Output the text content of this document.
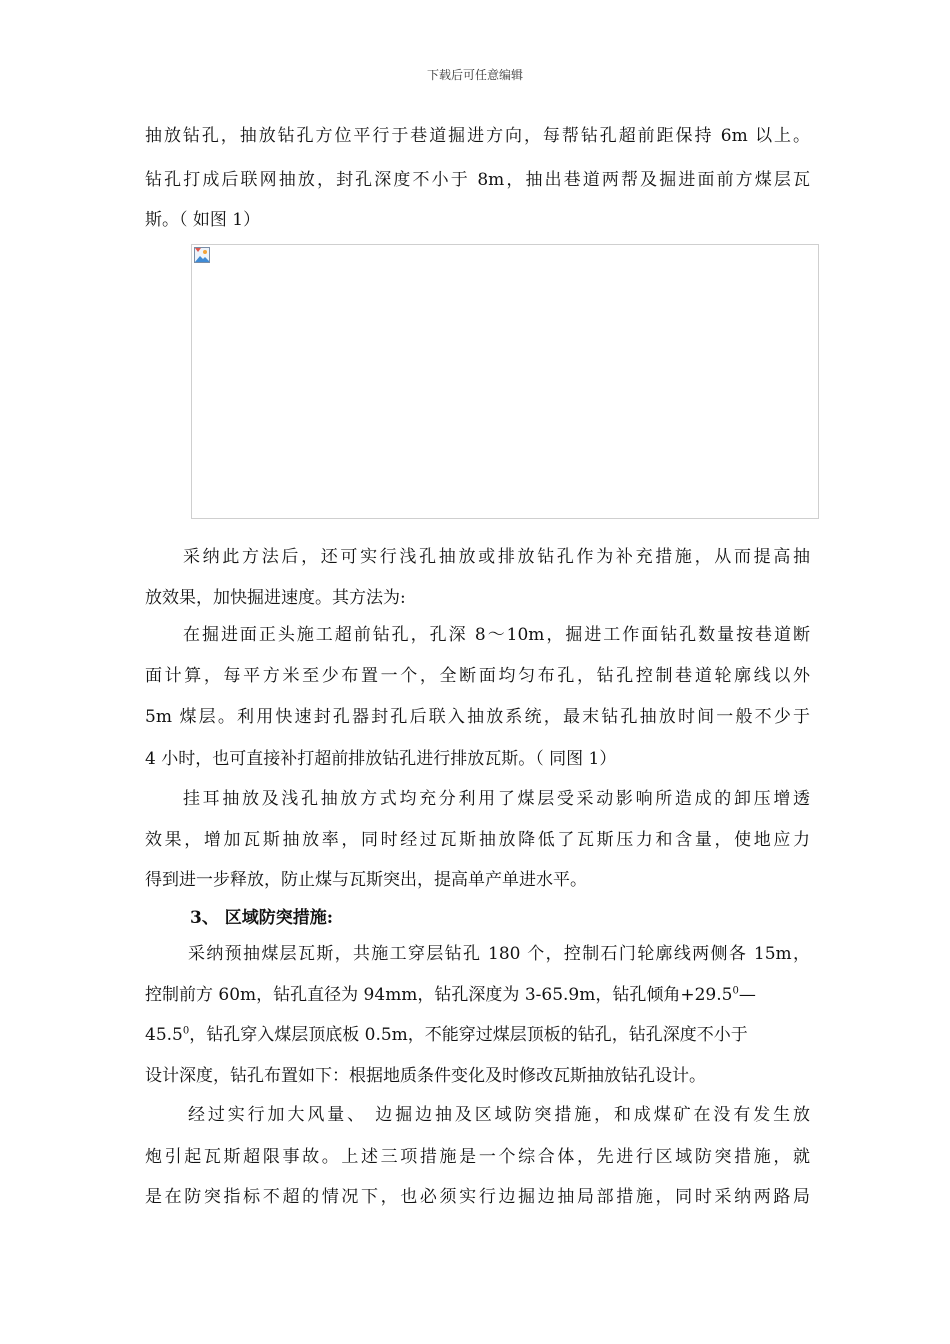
下载后可任意编辑
抽放钻孔，抽放钻孔方位平行于巷道掘进方向，每帮钻孔超前距保持 6m 以上。
钻孔打成后联网抽放，封孔深度不小于 8m，抽出巷道两帮及掘进面前方煤层瓦
斯。（ 如图 1）
采纳此方法后，还可实行浅孔抽放或排放钻孔作为补充措施，从而提高抽
放效果，加快掘进速度。其方法为:
在掘进面正头施工超前钻孔，孔深 8～10m，掘进工作面钻孔数量按巷道断
面计算，每平方米至少布置一个，全断面均匀布孔，钻孔控制巷道轮廓线以外
5m 煤层。利用快速封孔器封孔后联入抽放系统，最末钻孔抽放时间一般不少于
4 小时，也可直接补打超前排放钻孔进行排放瓦斯。（ 同图 1）
挂耳抽放及浅孔抽放方式均充分利用了煤层受采动影响所造成的卸压增透
效果，增加瓦斯抽放率，同时经过瓦斯抽放降低了瓦斯压力和含量，使地应力
得到进一步释放，防止煤与瓦斯突出，提高单产单进水平。
3、 区域防突措施:
采纳预抽煤层瓦斯，共施工穿层钻孔 180 个，控制石门轮廓线两侧各 15m，
控制前方 60m，钻孔直径为 94mm，钻孔深度为 3-65.9m，钻孔倾角$+29.5^0—$
45.5$^0$，钻孔穿入煤层顶底板 0.5m，不能穿过煤层顶板的钻孔，钻孔深度不小于
设计深度，钻孔布置如下：根据地质条件变化及时修改瓦斯抽放钻孔设计。
经过实行加大风量、 边掘边抽及区域防突措施，和成煤矿在没有发生放
炮引起瓦斯超限事故。上述三项措施是一个综合体，先进行区域防突措施，就
是在防突指标不超的情况下，也必须实行边掘边抽局部措施，同时采纳两路局
